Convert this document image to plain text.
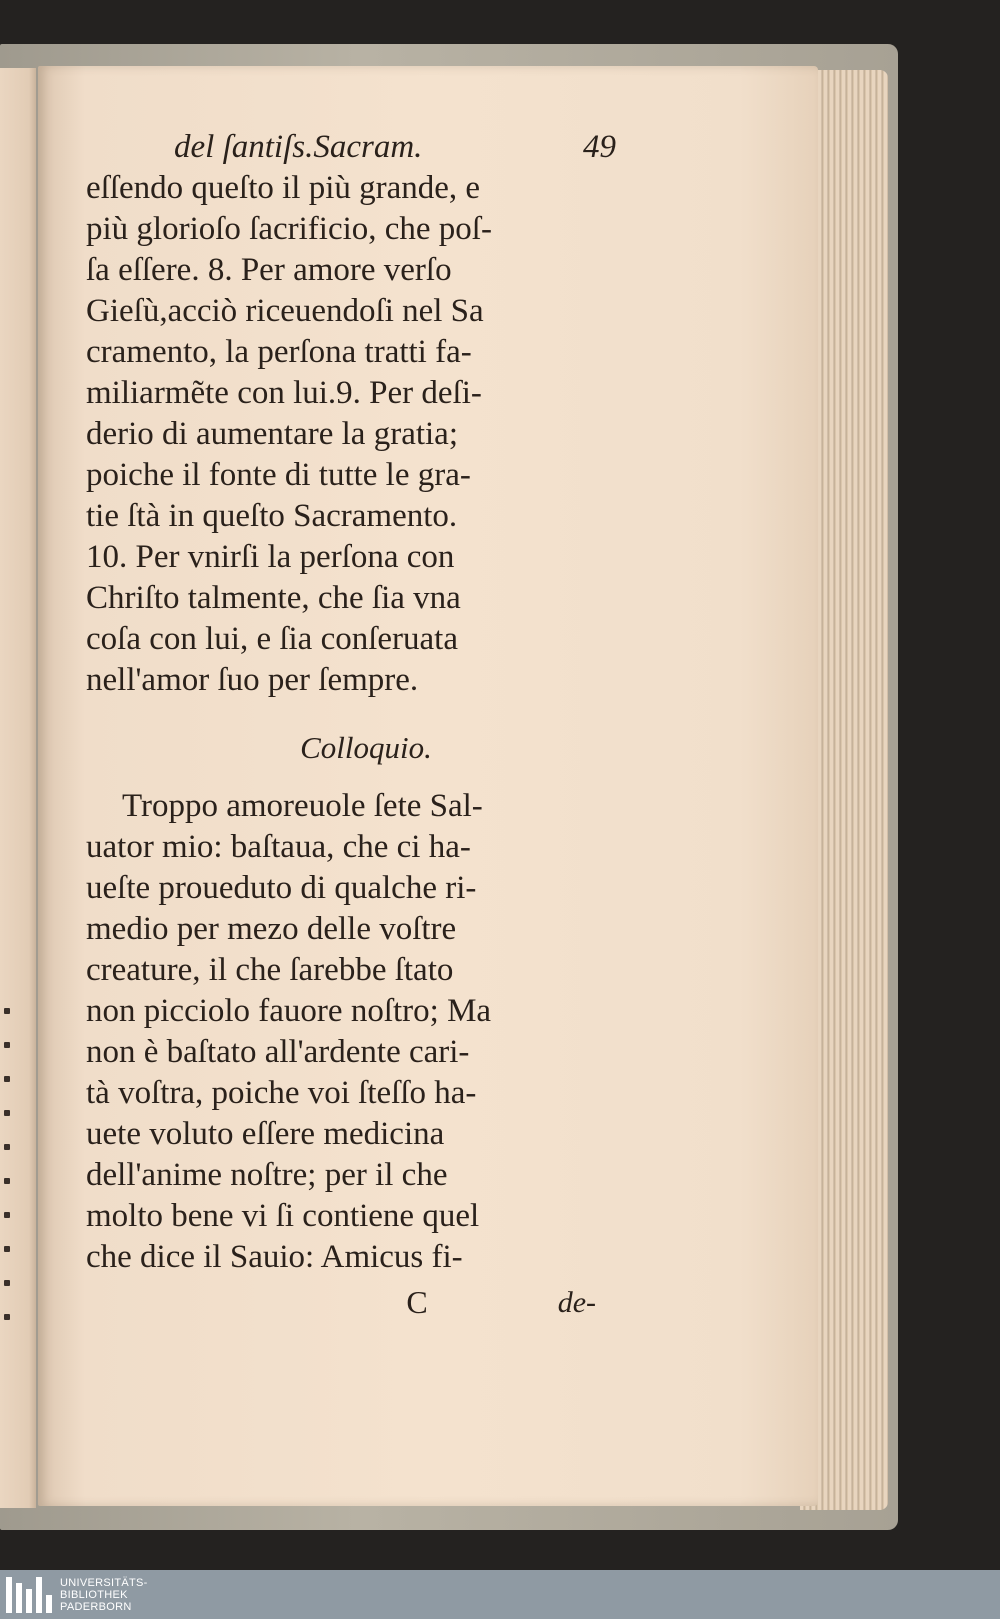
del ſantiſs.Sacram.	49
eſſendo queſto il più grande, e
più glorioſo ſacrificio, che poſ-
ſa eſſere. 8. Per amore verſo
Gieſù,acciò riceuendoſi nel Sa
cramento, la perſona tratti fa-
miliarmẽte con lui.9. Per deſi-
derio di aumentare la gratia;
poiche il fonte di tutte le gra-
tie ſtà in queſto Sacramento.
10. Per vnirſi la perſona con
Chriſto talmente, che ſia vna
coſa con lui, e ſia conſeruata
nell'amor ſuo per ſempre.
Colloquio.
Troppo amoreuole ſete Sal-
uator mio: baſtaua, che ci ha-
ueſte proueduto di qualche ri-
medio per mezo delle voſtre
creature, il che ſarebbe ſtato
non picciolo fauore noſtro; Ma
non è baſtato all'ardente cari-
tà voſtra, poiche voi ſteſſo ha-
uete voluto eſſere medicina
dell'anime noſtre; per il che
molto bene vi ſi contiene quel
che dice il Sauio: Amicus fi-
C	de-
UNIVERSITÄTS-
BIBLIOTHEK
PADERBORN
